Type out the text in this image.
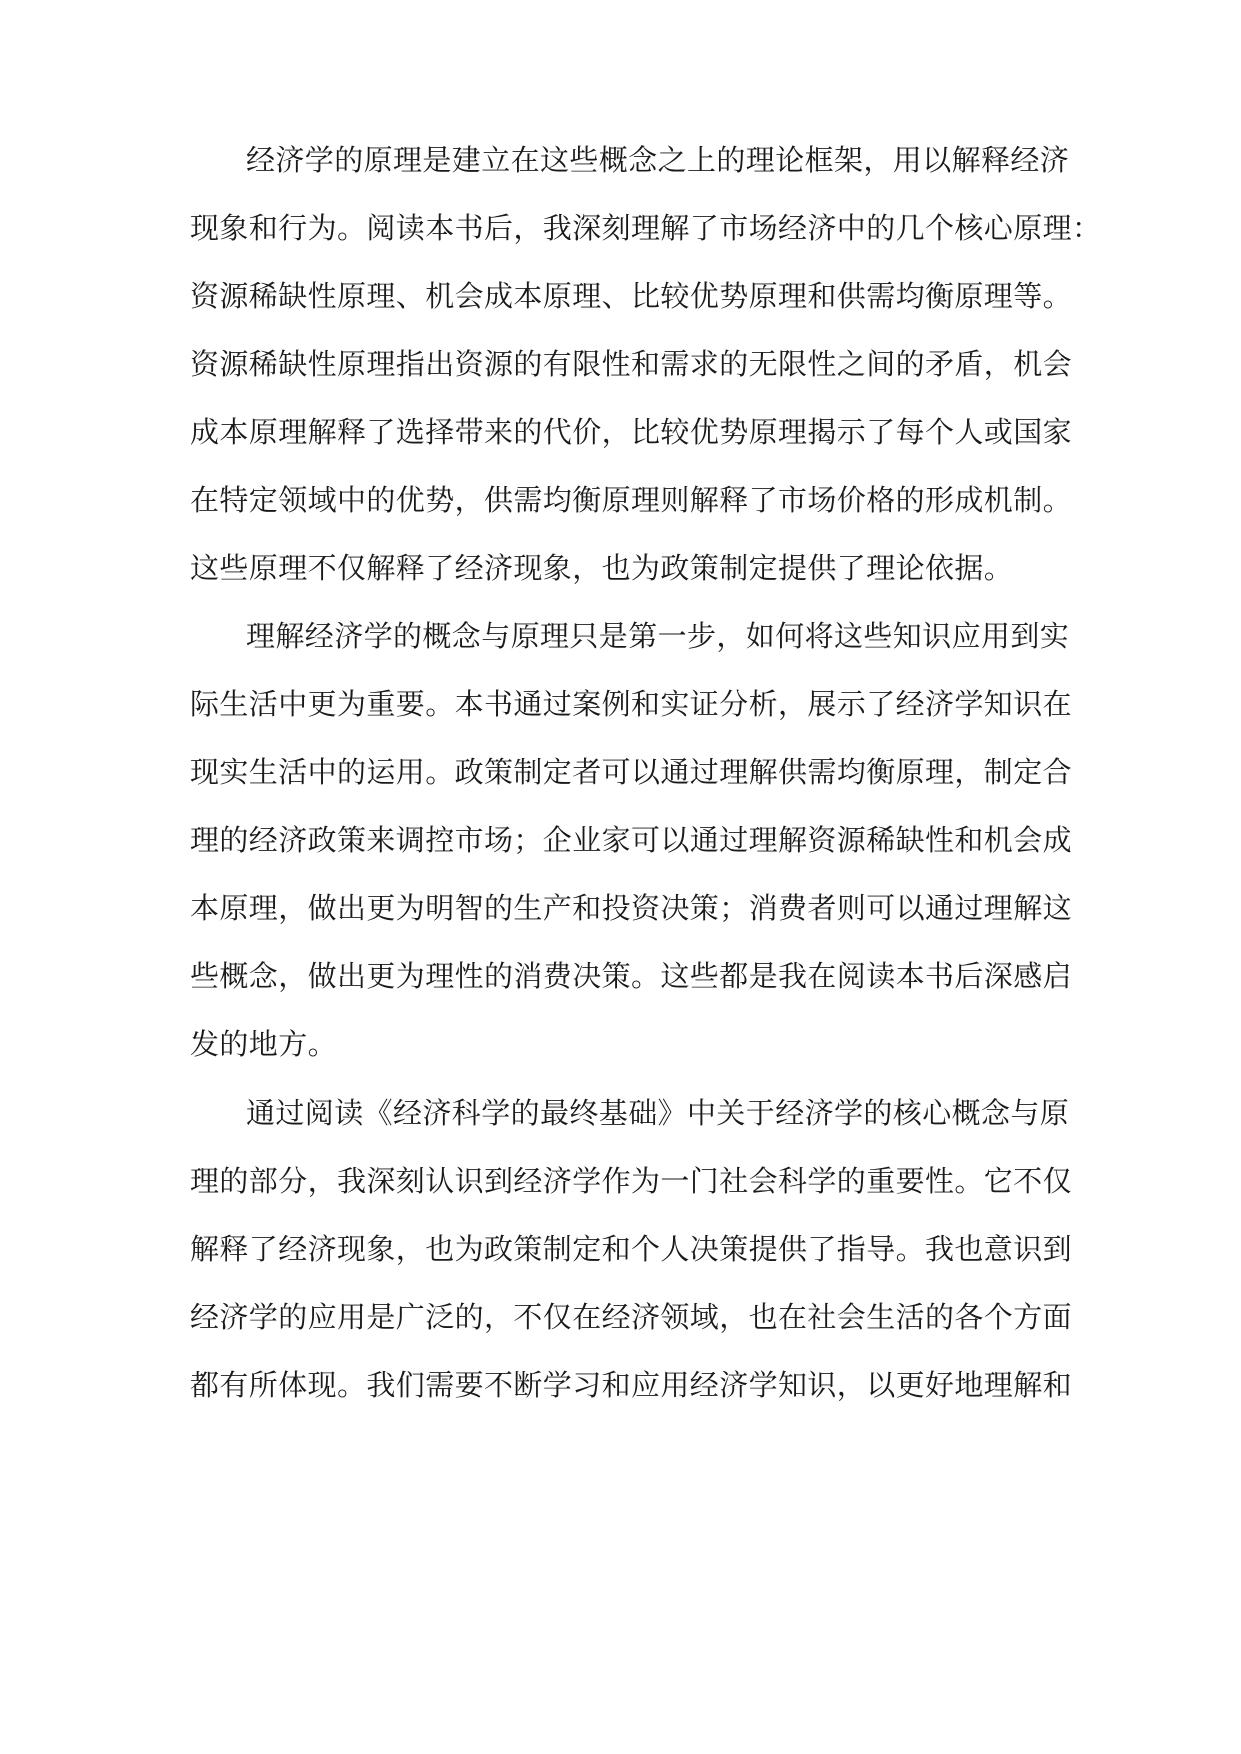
经济学的原理是建立在这些概念之上的理论框架，用以解释经济
现象和行为。阅读本书后，我深刻理解了市场经济中的几个核心原理：
资源稀缺性原理、机会成本原理、比较优势原理和供需均衡原理等。
资源稀缺性原理指出资源的有限性和需求的无限性之间的矛盾，机会
成本原理解释了选择带来的代价，比较优势原理揭示了每个人或国家
在特定领域中的优势，供需均衡原理则解释了市场价格的形成机制。
这些原理不仅解释了经济现象，也为政策制定提供了理论依据。
理解经济学的概念与原理只是第一步，如何将这些知识应用到实
际生活中更为重要。本书通过案例和实证分析，展示了经济学知识在
现实生活中的运用。政策制定者可以通过理解供需均衡原理，制定合
理的经济政策来调控市场；企业家可以通过理解资源稀缺性和机会成
本原理，做出更为明智的生产和投资决策；消费者则可以通过理解这
些概念，做出更为理性的消费决策。这些都是我在阅读本书后深感启
发的地方。
通过阅读《经济科学的最终基础》中关于经济学的核心概念与原
理的部分，我深刻认识到经济学作为一门社会科学的重要性。它不仅
解释了经济现象，也为政策制定和个人决策提供了指导。我也意识到
经济学的应用是广泛的，不仅在经济领域，也在社会生活的各个方面
都有所体现。我们需要不断学习和应用经济学知识，以更好地理解和
